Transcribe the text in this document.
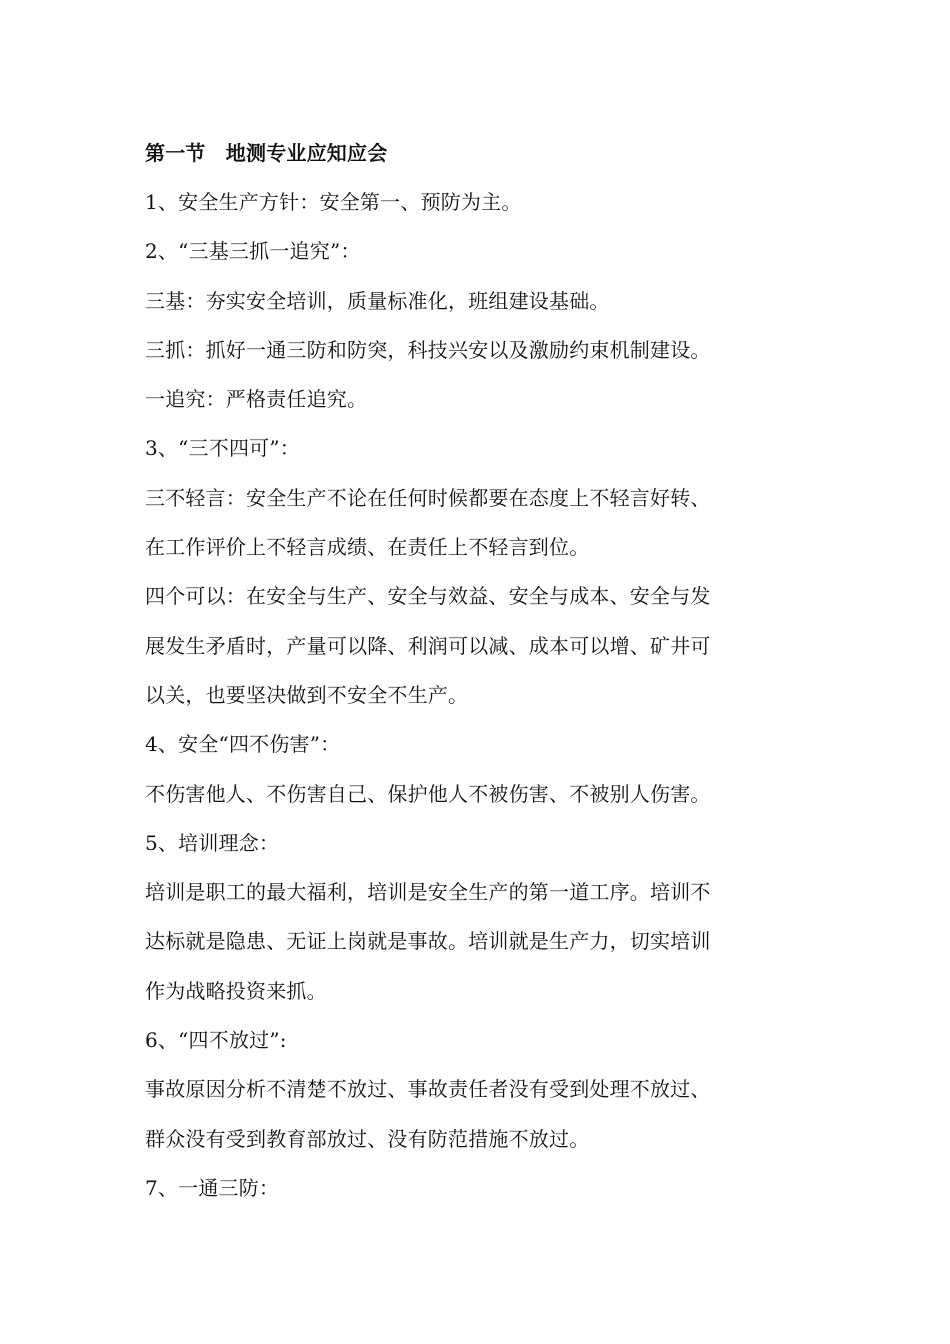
第一节　地测专业应知应会
1、安全生产方针：安全第一、预防为主。
2、“三基三抓一追究”：
三基：夯实安全培训，质量标准化，班组建设基础。
三抓：抓好一通三防和防突，科技兴安以及激励约束机制建设。
一追究：严格责任追究。
3、“三不四可”：
三不轻言：安全生产不论在任何时候都要在态度上不轻言好转、
在工作评价上不轻言成绩、在责任上不轻言到位。
四个可以：在安全与生产、安全与效益、安全与成本、安全与发
展发生矛盾时，产量可以降、利润可以减、成本可以增、矿井可
以关，也要坚决做到不安全不生产。
4、安全“四不伤害”：
不伤害他人、不伤害自己、保护他人不被伤害、不被别人伤害。
5、培训理念：
培训是职工的最大福利，培训是安全生产的第一道工序。培训不
达标就是隐患、无证上岗就是事故。培训就是生产力，切实培训
作为战略投资来抓。
6、“四不放过”:
事故原因分析不清楚不放过、事故责任者没有受到处理不放过、
群众没有受到教育部放过、没有防范措施不放过。
7、一通三防：
